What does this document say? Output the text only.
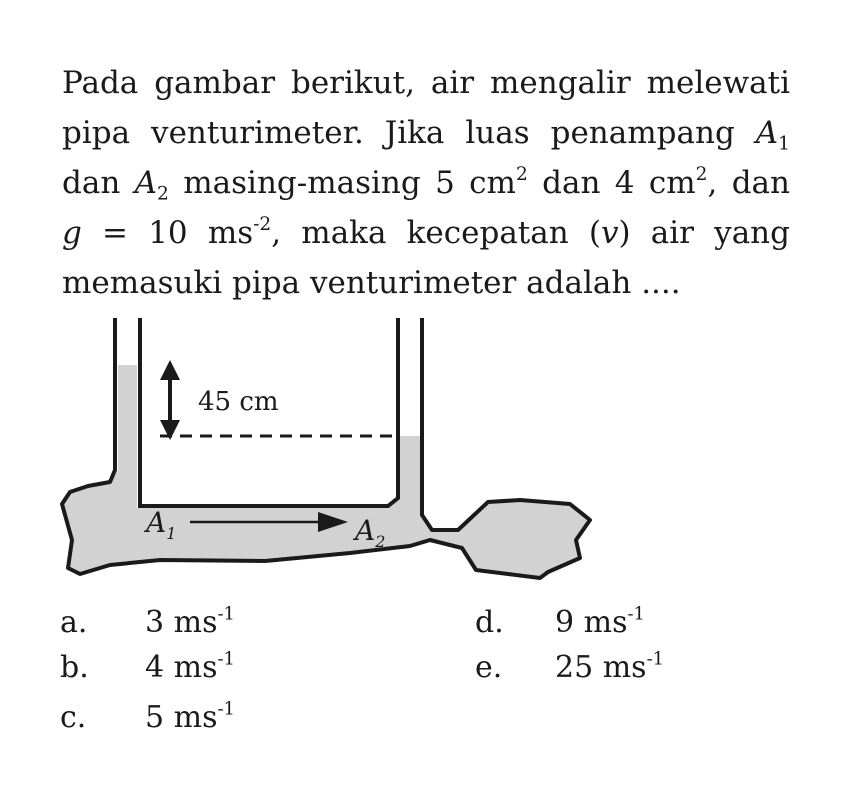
Pada gambar berikut, air mengalir melewati
pipa venturimeter. Jika luas penampang $A_1$
dan $A_2$ masing-masing 5 $cm^2$ dan 4 $cm^2$, dan
g = 10 $ms^{-2}$, maka kecepatan (v) air yang
memasuki pipa venturimeter adalah ....
45 cm
$A_1$	$A_2$
a. 3 $ms^{-1}$
b. 4 $ms^{-1}$
c. 5 $ms^{-1}$
d. 9 $ms^{-1}$
e. 25 $ms^{-1}$
